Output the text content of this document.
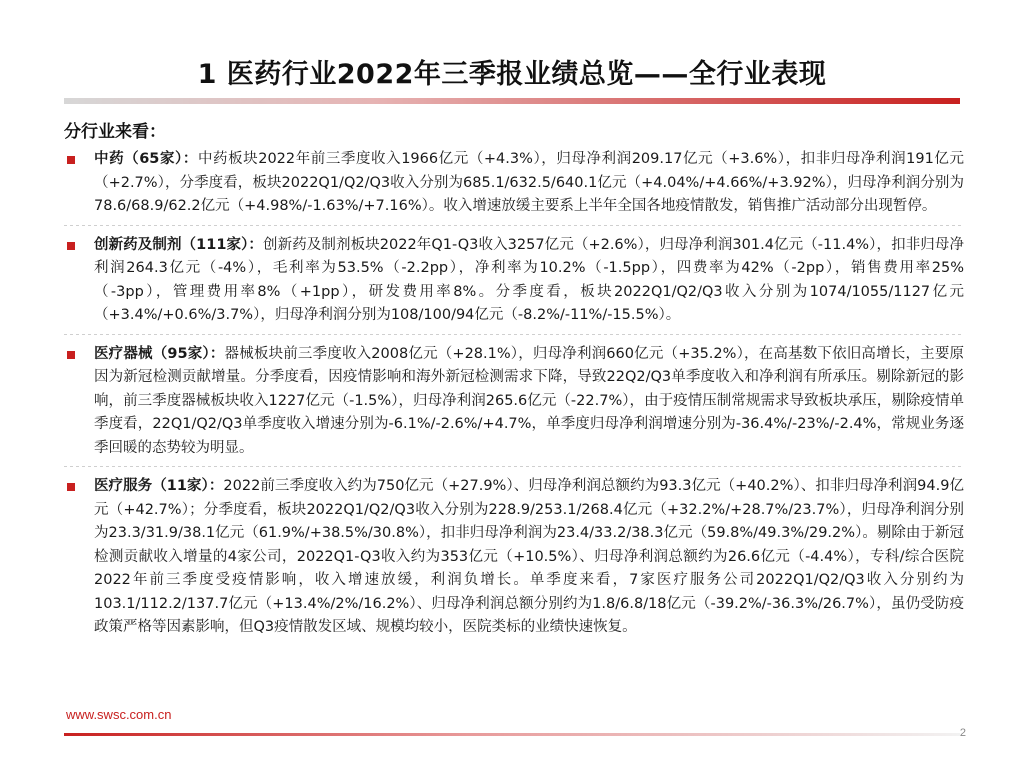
1 医药行业2022年三季报业绩总览——全行业表现
分行业来看：

中药（65家）：中药板块2022年前三季度收入1966亿元（+4.3%），归母净利润209.17亿元（+3.6%），扣非归母净利润191亿元（+2.7%），分季度看，板块2022Q1/Q2/Q3收入分别为685.1/632.5/640.1亿元（+4.04%/+4.66%/+3.92%），归母净利润分别为78.6/68.9/62.2亿元（+4.98%/-1.63%/+7.16%）。收入增速放缓主要系上半年全国各地疫情散发，销售推广活动部分出现暂停。

创新药及制剂（111家）：创新药及制剂板块2022年Q1-Q3收入3257亿元（+2.6%），归母净利润301.4亿元（-11.4%），扣非归母净利润264.3亿元（-4%），毛利率为53.5%（-2.2pp），净利率为10.2%（-1.5pp），四费率为42%（-2pp），销售费用率25%（-3pp），管理费用率8%（+1pp），研发费用率8%。分季度看，板块2022Q1/Q2/Q3收入分别为1074/1055/1127亿元（+3.4%/+0.6%/3.7%），归母净利润分别为108/100/94亿元（-8.2%/-11%/-15.5%）。

医疗器械（95家）：器械板块前三季度收入2008亿元（+28.1%），归母净利润660亿元（+35.2%），在高基数下依旧高增长，主要原因为新冠检测贡献增量。分季度看，因疫情影响和海外新冠检测需求下降，导致22Q2/Q3单季度收入和净利润有所承压。剔除新冠的影响，前三季度器械板块收入1227亿元（-1.5%），归母净利润265.6亿元（-22.7%），由于疫情压制常规需求导致板块承压，剔除疫情单季度看，22Q1/Q2/Q3单季度收入增速分别为-6.1%/-2.6%/+4.7%，单季度归母净利润增速分别为-36.4%/-23%/-2.4%，常规业务逐季回暖的态势较为明显。

医疗服务（11家）：2022前三季度收入约为750亿元（+27.9%）、归母净利润总额约为93.3亿元（+40.2%）、扣非归母净利润94.9亿元（+42.7%）；分季度看，板块2022Q1/Q2/Q3收入分别为228.9/253.1/268.4亿元（+32.2%/+28.7%/23.7%），归母净利润分别为23.3/31.9/38.1亿元（61.9%/+38.5%/30.8%），扣非归母净利润为23.4/33.2/38.3亿元（59.8%/49.3%/29.2%）。剔除由于新冠检测贡献收入增量的4家公司，2022Q1-Q3收入约为353亿元（+10.5%）、归母净利润总额约为26.6亿元（-4.4%），专科/综合医院2022年前三季度受疫情影响，收入增速放缓，利润负增长。单季度来看，7家医疗服务公司2022Q1/Q2/Q3收入分别约为103.1/112.2/137.7亿元（+13.4%/2%/16.2%）、归母净利润总额分别约为1.8/6.8/18亿元（-39.2%/-36.3%/26.7%），虽仍受防疫政策严格等因素影响，但Q3疫情散发区域、规模均较小，医院类标的业绩快速恢复。

www.swsc.com.cn
2
